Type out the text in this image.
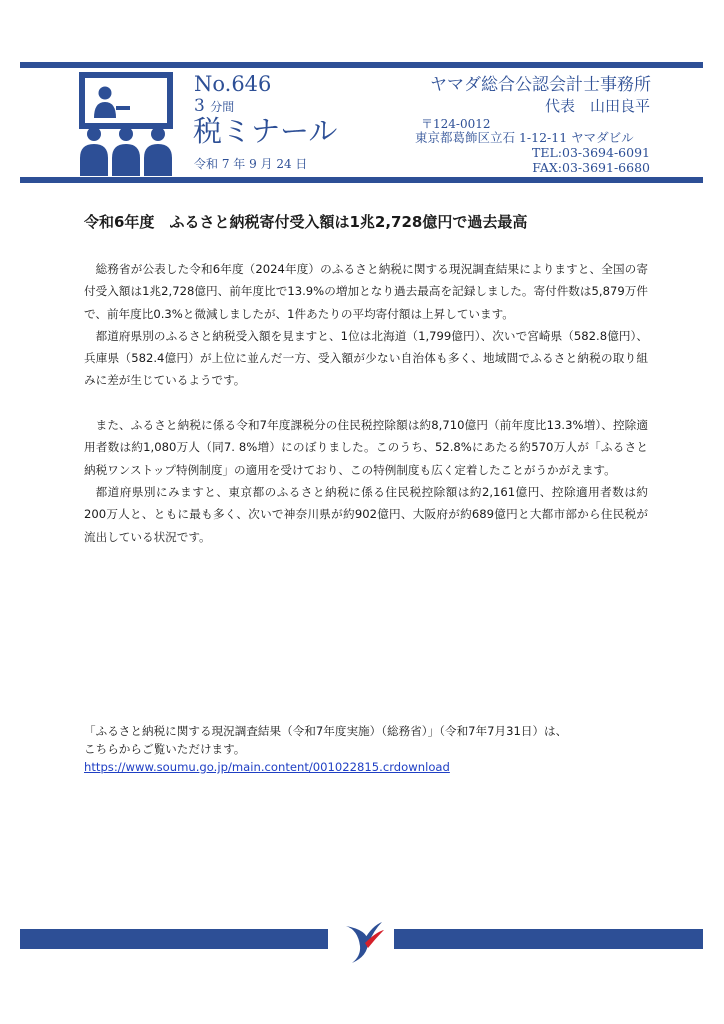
No.646
3 分間
税ミナール
令和 7 年 9 月 24 日
ヤマダ総合公認会計士事務所
代表　山田良平
〒124-0012
東京都葛飾区立石 1-12-11 ヤマダビル
TEL:03-3694-6091
FAX:03-3691-6680
令和6年度　ふるさと納税寄付受入額は1兆2,728億円で過去最高

総務省が公表した令和6年度（2024年度）のふるさと納税に関する現況調査結果によりますと、全国の寄付受入額は1兆2,728億円、前年度比で13.9%の増加となり過去最高を記録しました。寄付件数は5,879万件で、前年度比0.3%と微減しましたが、1件あたりの平均寄付額は上昇しています。

都道府県別のふるさと納税受入額を見ますと、1位は北海道（1,799億円）、次いで宮崎県（582.8億円）、兵庫県（582.4億円）が上位に並んだ一方、受入額が少ない自治体も多く、地域間でふるさと納税の取り組みに差が生じているようです。

また、ふるさと納税に係る令和7年度課税分の住民税控除額は約8,710億円（前年度比13.3%増）、控除適用者数は約1,080万人（同7. 8%増）にのぼりました。このうち、52.8%にあたる約570万人が「ふるさと納税ワンストップ特例制度」の適用を受けており、この特例制度も広く定着したことがうかがえます。

都道府県別にみますと、東京都のふるさと納税に係る住民税控除額は約2,161億円、控除適用者数は約200万人と、ともに最も多く、次いで神奈川県が約902億円、大阪府が約689億円と大都市部から住民税が流出している状況です。

「ふるさと納税に関する現況調査結果（令和7年度実施）（総務省）」（令和7年7月31日）は、
こちらからご覧いただけます。
https://www.soumu.go.jp/main.content/001022815.crdownload
